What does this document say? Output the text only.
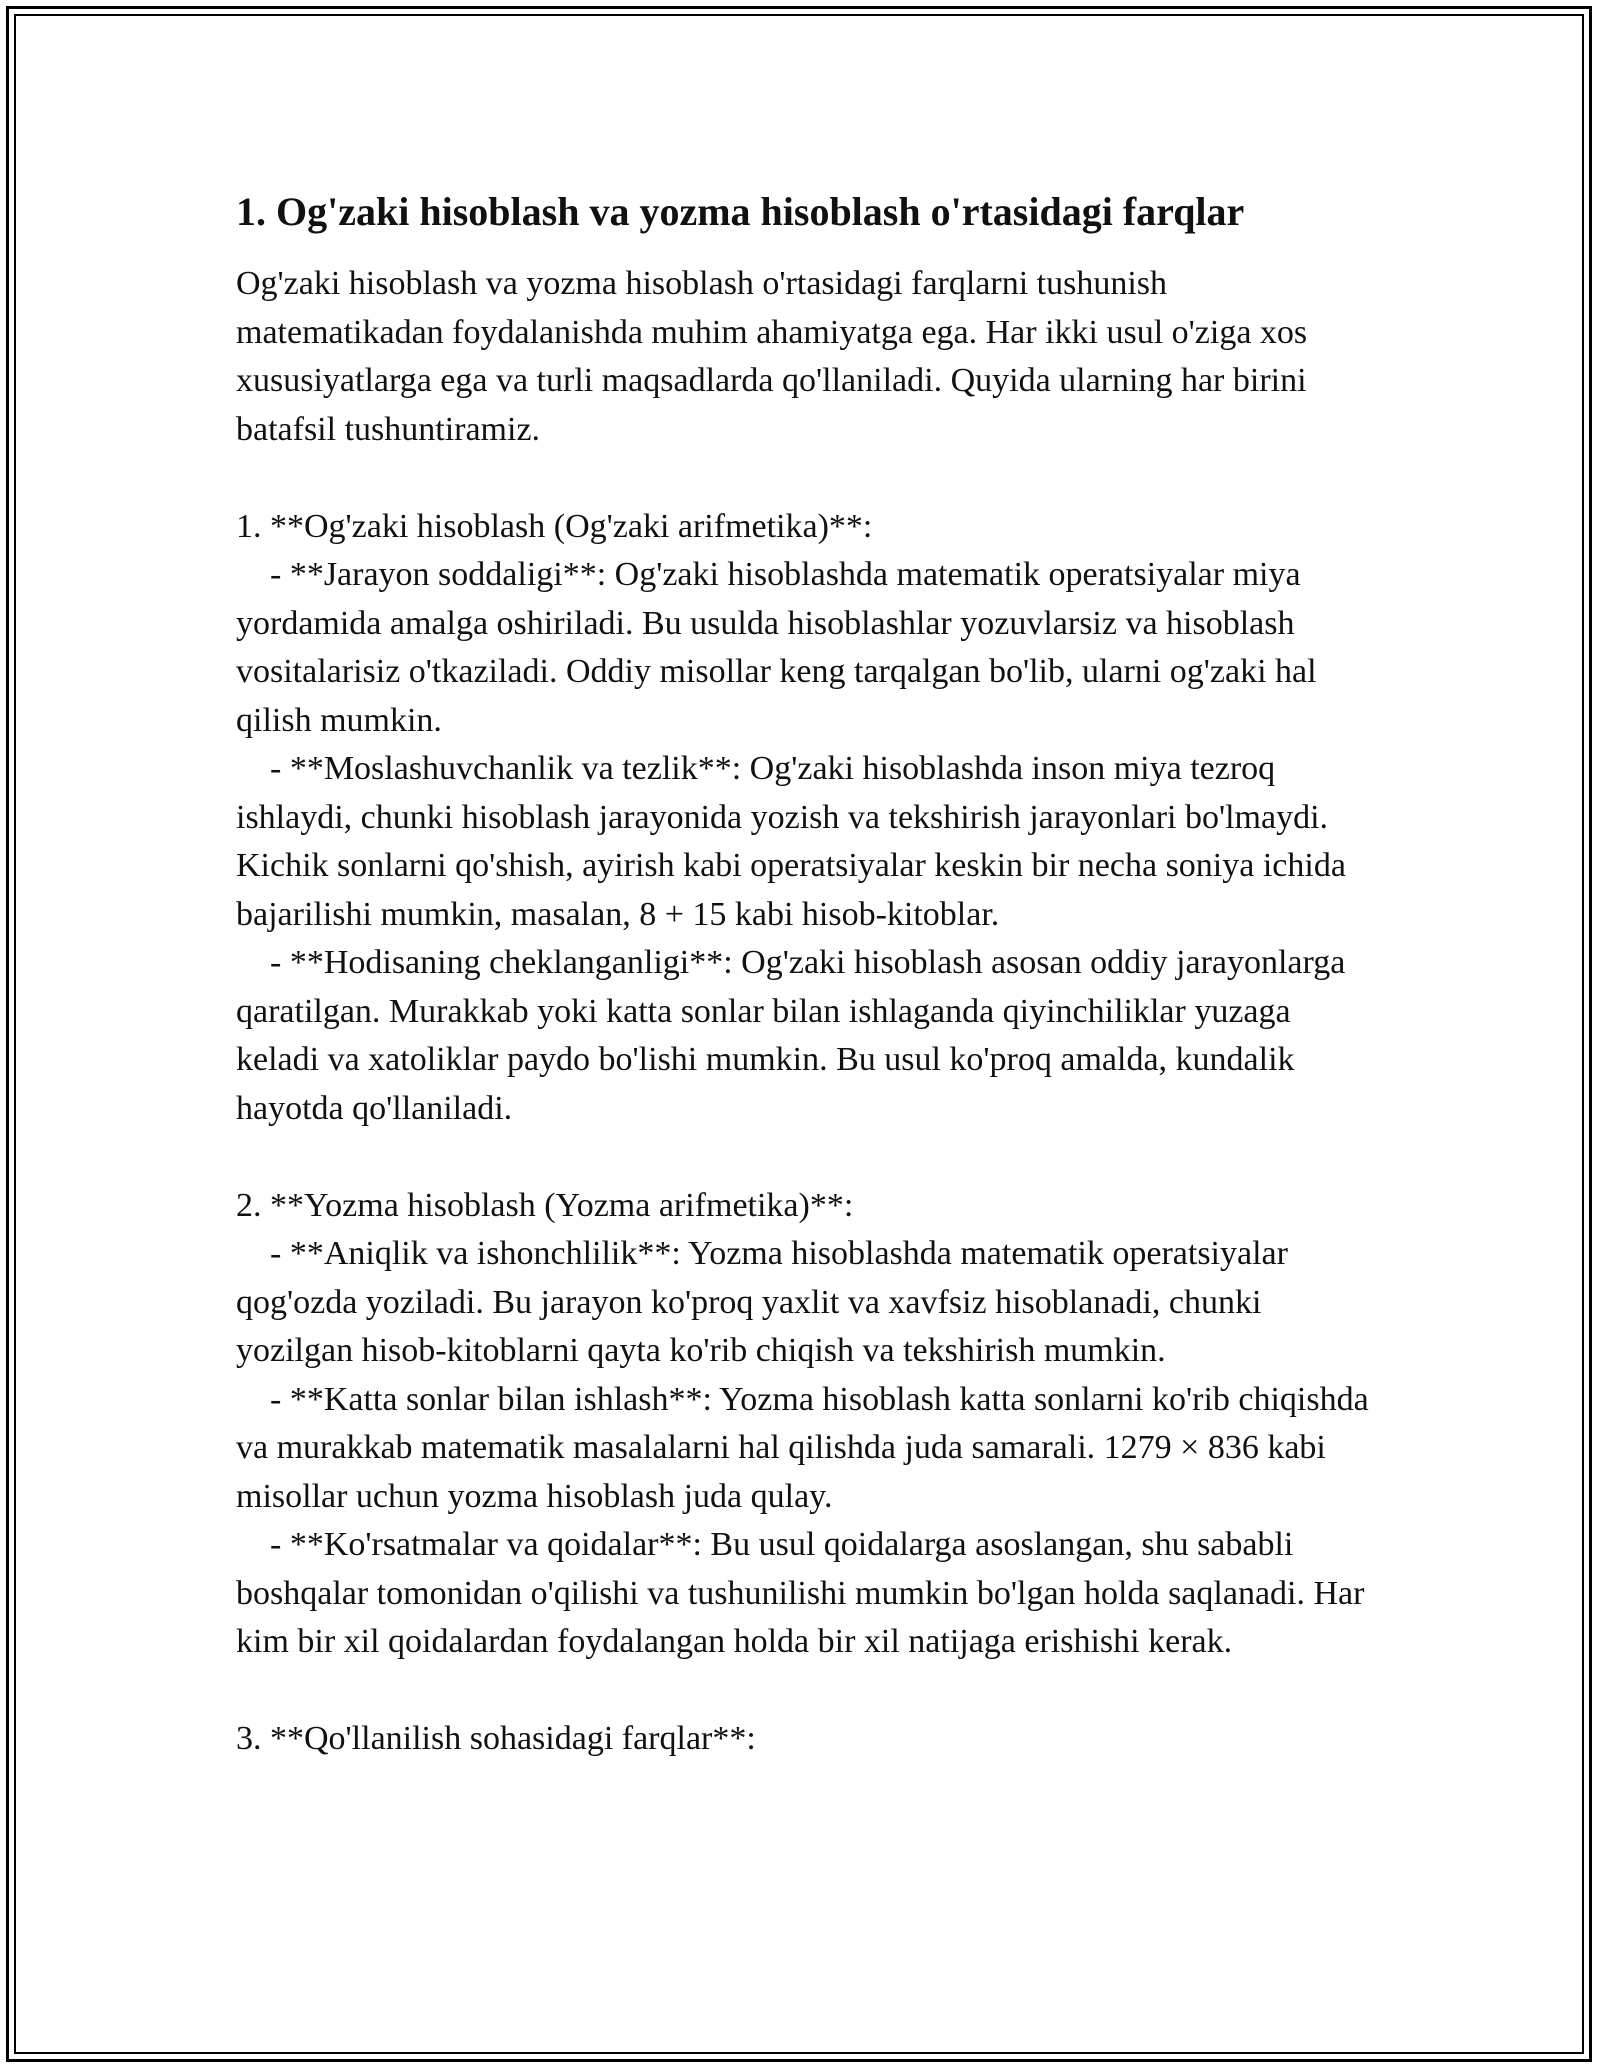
1. Og'zaki hisoblash va yozma hisoblash o'rtasidagi farqlar

Og'zaki hisoblash va yozma hisoblash o'rtasidagi farqlarni tushunish matematikadan foydalanishda muhim ahamiyatga ega. Har ikki usul o'ziga xos xususiyatlarga ega va turli maqsadlarda qo'llaniladi. Quyida ularning har birini batafsil tushuntiramiz.

1. **Og'zaki hisoblash (Og'zaki arifmetika)**:

- **Jarayon soddaligi**: Og'zaki hisoblashda matematik operatsiyalar miya yordamida amalga oshiriladi. Bu usulda hisoblashlar yozuvlarsiz va hisoblash vositalarisiz o'tkaziladi. Oddiy misollar keng tarqalgan bo'lib, ularni og'zaki hal qilish mumkin.

- **Moslashuvchanlik va tezlik**: Og'zaki hisoblashda inson miya tezroq ishlaydi, chunki hisoblash jarayonida yozish va tekshirish jarayonlari bo'lmaydi. Kichik sonlarni qo'shish, ayirish kabi operatsiyalar keskin bir necha soniya ichida bajarilishi mumkin, masalan, 8 + 15 kabi hisob-kitoblar.

- **Hodisaning cheklanganligi**: Og'zaki hisoblash asosan oddiy jarayonlarga qaratilgan. Murakkab yoki katta sonlar bilan ishlaganda qiyinchiliklar yuzaga keladi va xatoliklar paydo bo'lishi mumkin. Bu usul ko'proq amalda, kundalik hayotda qo'llaniladi.

2. **Yozma hisoblash (Yozma arifmetika)**:

- **Aniqlik va ishonchlilik**: Yozma hisoblashda matematik operatsiyalar qog'ozda yoziladi. Bu jarayon ko'proq yaxlit va xavfsiz hisoblanadi, chunki yozilgan hisob-kitoblarni qayta ko'rib chiqish va tekshirish mumkin.

- **Katta sonlar bilan ishlash**: Yozma hisoblash katta sonlarni ko'rib chiqishda va murakkab matematik masalalarni hal qilishda juda samarali. 1279 × 836 kabi misollar uchun yozma hisoblash juda qulay.

- **Ko'rsatmalar va qoidalar**: Bu usul qoidalarga asoslangan, shu sababli boshqalar tomonidan o'qilishi va tushunilishi mumkin bo'lgan holda saqlanadi. Har kim bir xil qoidalardan foydalangan holda bir xil natijaga erishishi kerak.

3. **Qo'llanilish sohasidagi farqlar**:
